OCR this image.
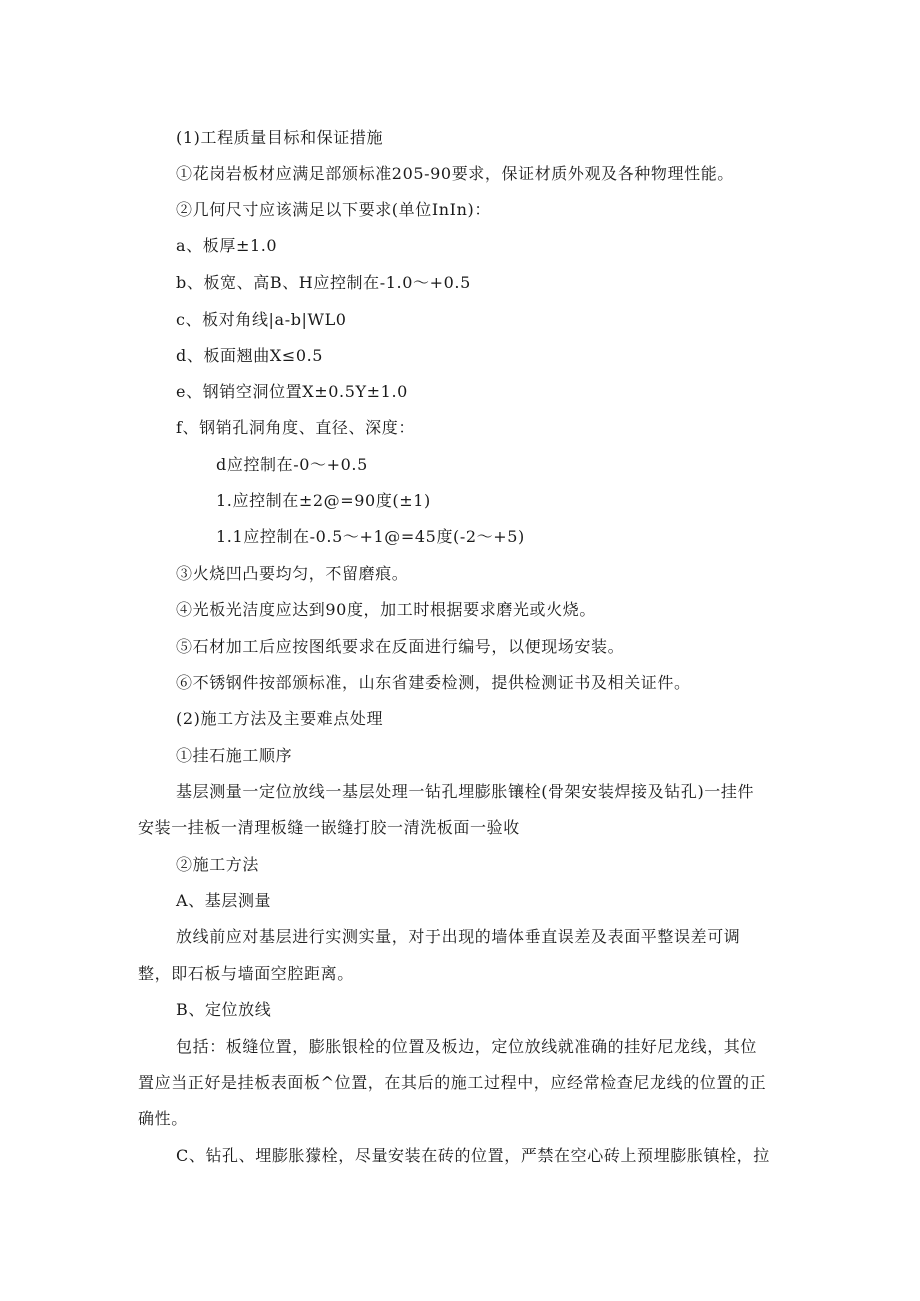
(1)工程质量目标和保证措施
①花岗岩板材应满足部颁标准205-90要求，保证材质外观及各种物理性能。
②几何尺寸应该满足以下要求(单位InIn)：
a、板厚±1.0
b、板宽、高B、H应控制在-1.0～+0.5
c、板对角线|a-b|WL0
d、板面翘曲X≤0.5
e、钢销空洞位置X±0.5Y±1.0
f、钢销孔洞角度、直径、深度：
d应控制在-0～+0.5
1.应控制在±2@=90度(±1)
1.1应控制在-0.5～+1@=45度(-2～+5)
③火烧凹凸要均匀，不留磨痕。
④光板光洁度应达到90度，加工时根据要求磨光或火烧。
⑤石材加工后应按图纸要求在反面进行编号，以便现场安装。
⑥不锈钢件按部颁标准，山东省建委检测，提供检测证书及相关证件。
(2)施工方法及主要难点处理
①挂石施工顺序
基层测量一定位放线一基层处理一钻孔埋膨胀镶栓(骨架安装焊接及钻孔)一挂件
安装一挂板一清理板缝一嵌缝打胶一清洗板面一验收
②施工方法
A、基层测量
放线前应对基层进行实测实量，对于出现的墙体垂直误差及表面平整误差可调
整，即石板与墙面空腔距离。
B、定位放线
包括：板缝位置，膨胀银栓的位置及板边，定位放线就准确的挂好尼龙线，其位
置应当正好是挂板表面板^位置，在其后的施工过程中，应经常检查尼龙线的位置的正
确性。
C、钻孔、埋膨胀獴栓，尽量安装在砖的位置，严禁在空心砖上预埋膨胀镇栓，拉
